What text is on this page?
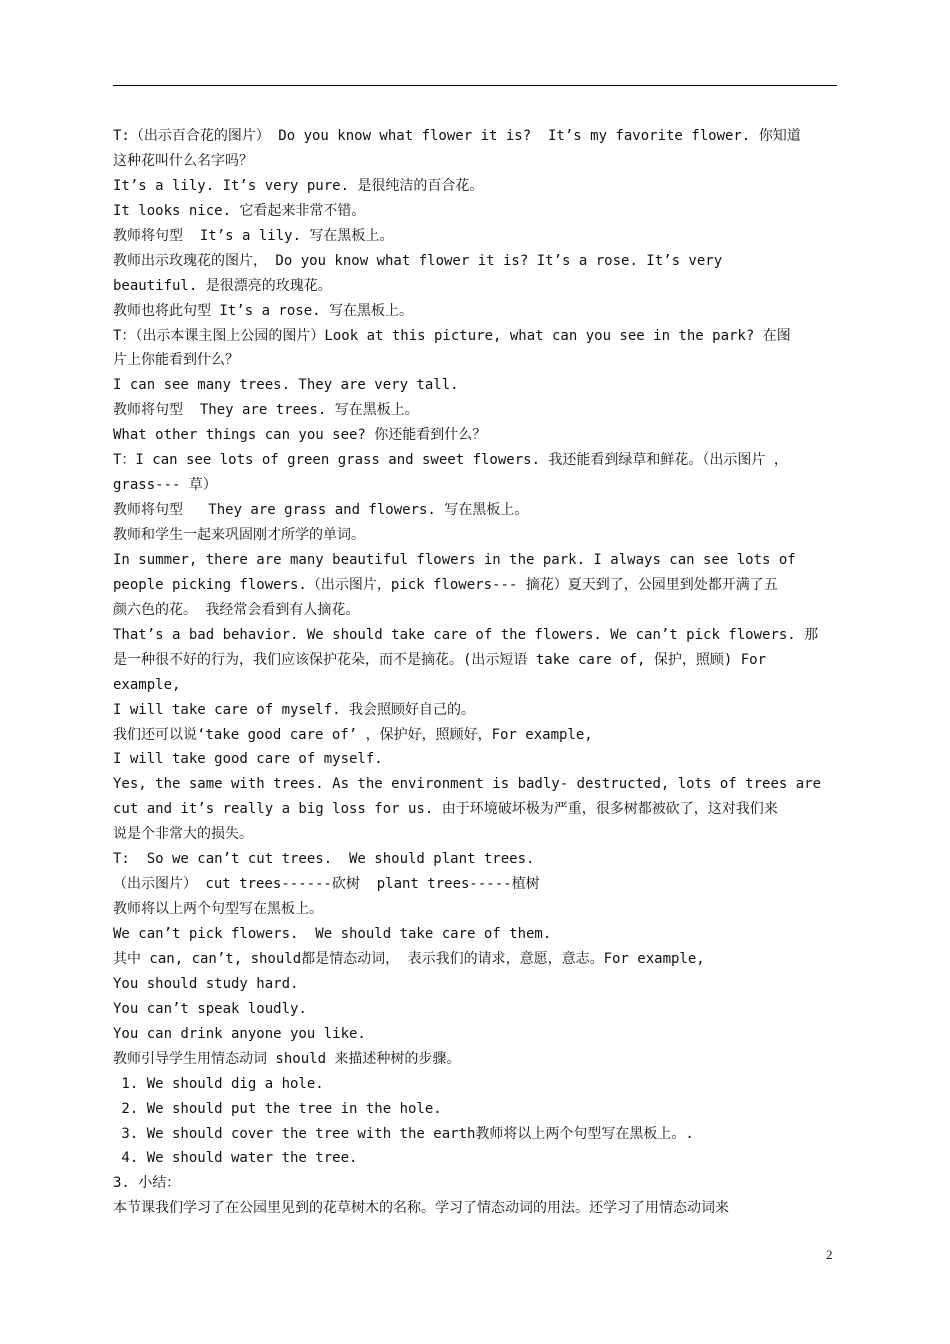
T:（出示百合花的图片） Do you know what flower it is?  It’s my favorite flower. 你知道
这种花叫什么名字吗？
It’s a lily. It’s very pure. 是很纯洁的百合花。
It looks nice. 它看起来非常不错。
教师将句型  It’s a lily. 写在黑板上。
教师出示玫瑰花的图片， Do you know what flower it is? It’s a rose. It’s very
beautiful. 是很漂亮的玫瑰花。
教师也将此句型 It’s a rose. 写在黑板上。
T：（出示本课主图上公园的图片）Look at this picture, what can you see in the park? 在图
片上你能看到什么？
I can see many trees. They are very tall.
教师将句型  They are trees. 写在黑板上。
What other things can you see? 你还能看到什么？
T：I can see lots of green grass and sweet flowers. 我还能看到绿草和鲜花。（出示图片 ，
grass--- 草）
教师将句型   They are grass and flowers. 写在黑板上。
教师和学生一起来巩固刚才所学的单词。
In summer, there are many beautiful flowers in the park. I always can see lots of
people picking flowers.（出示图片，pick flowers--- 摘花）夏天到了，公园里到处都开满了五
颜六色的花。 我经常会看到有人摘花。
That’s a bad behavior. We should take care of the flowers. We can’t pick flowers. 那
是一种很不好的行为，我们应该保护花朵，而不是摘花。(出示短语 take care of, 保护，照顾) For
example,
I will take care of myself. 我会照顾好自己的。
我们还可以说‘take good care of’ ，保护好，照顾好，For example,
I will take good care of myself.
Yes, the same with trees. As the environment is badly- destructed, lots of trees are
cut and it’s really a big loss for us. 由于环境破坏极为严重，很多树都被砍了，这对我们来
说是个非常大的损失。
T:  So we can’t cut trees.  We should plant trees.
（出示图片） cut trees------砍树  plant trees-----植树
教师将以上两个句型写在黑板上。
We can’t pick flowers.  We should take care of them.
其中 can, can’t, should都是情态动词， 表示我们的请求，意愿，意志。For example,
You should study hard.
You can’t speak loudly.
You can drink anyone you like.
教师引导学生用情态动词 should 来描述种树的步骤。
1. We should dig a hole.
2. We should put the tree in the hole.
3. We should cover the tree with the earth教师将以上两个句型写在黑板上。.
4. We should water the tree.
3. 小结：
本节课我们学习了在公园里见到的花草树木的名称。学习了情态动词的用法。还学习了用情态动词来
2
